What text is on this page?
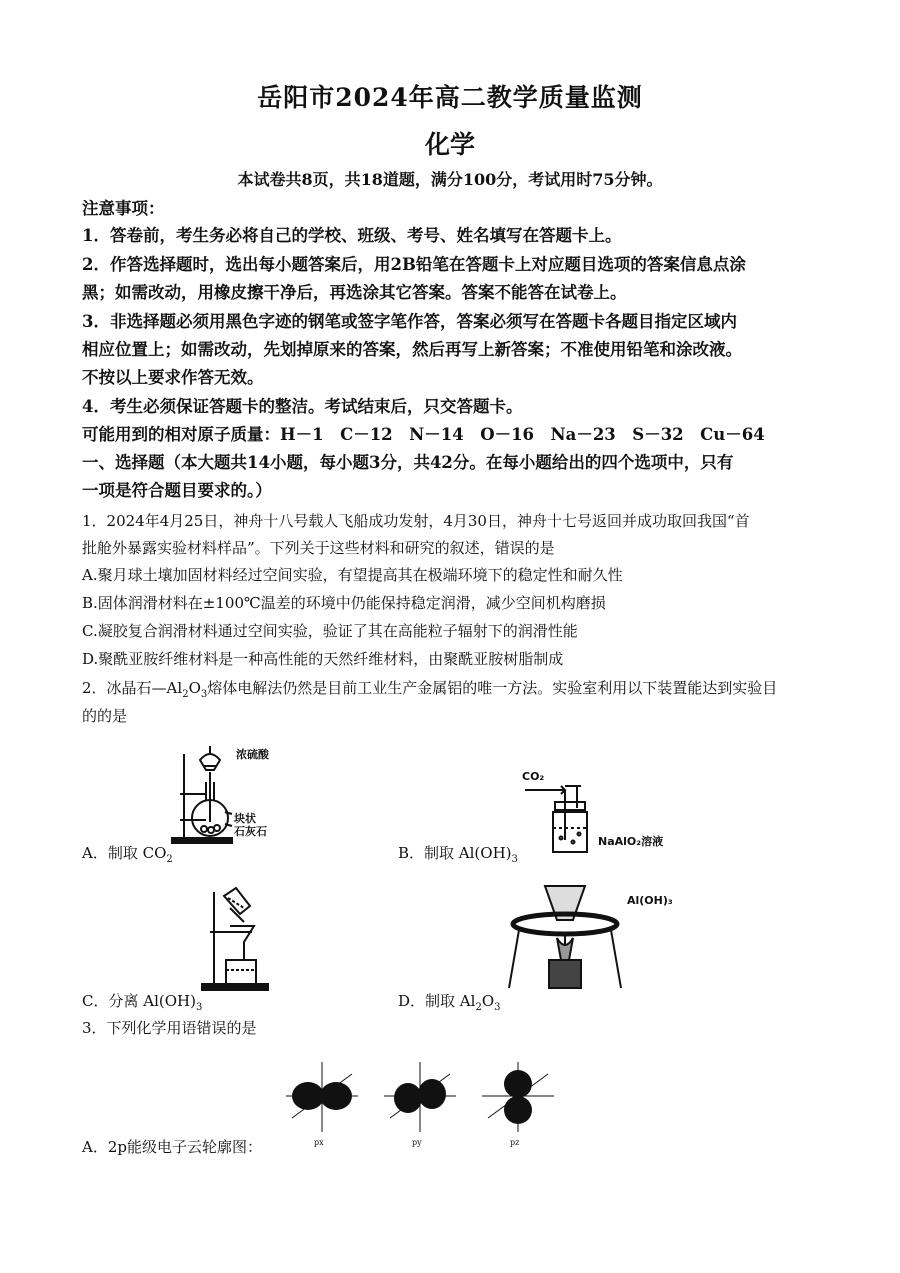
岳阳市2024年高二教学质量监测
化学
本试卷共8页，共18道题，满分100分，考试用时75分钟。
注意事项：
1．答卷前，考生务必将自己的学校、班级、考号、姓名填写在答题卡上。
2．作答选择题时，选出每小题答案后，用2B铅笔在答题卡上对应题目选项的答案信息点涂
黑；如需改动，用橡皮擦干净后，再选涂其它答案。答案不能答在试卷上。
3．非选择题必须用黑色字迹的钢笔或签字笔作答，答案必须写在答题卡各题目指定区域内
相应位置上；如需改动，先划掉原来的答案，然后再写上新答案；不准使用铅笔和涂改液。
不按以上要求作答无效。
4．考生必须保证答题卡的整洁。考试结束后，只交答题卡。
可能用到的相对原子质量：H－1　C－12　N－14　O－16　Na－23　S－32　Cu－64
一、选择题（本大题共14小题，每小题3分，共42分。在每小题给出的四个选项中，只有
一项是符合题目要求的。）
1．2024年4月25日，神舟十八号载人飞船成功发射，4月30日，神舟十七号返回并成功取回我国“首
批舱外暴露实验材料样品”。下列关于这些材料和研究的叙述，错误的是
A.聚月球土壤加固材料经过空间实验，有望提高其在极端环境下的稳定性和耐久性
B.固体润滑材料在±100℃温差的环境中仍能保持稳定润滑，减少空间机构磨损
C.凝胶复合润滑材料通过空间实验，验证了其在高能粒子辐射下的润滑性能
D.聚酰亚胺纤维材料是一种高性能的天然纤维材料，由聚酰亚胺树脂制成
2．冰晶石$—Al_2O_3$熔体电解法仍然是目前工业生产金属铝的唯一方法。实验室利用以下装置能达到实验目
的的是
浓硫酸
块状
石灰石
CO₂
NaAlO₂溶液
A．制取 $CO_2$	B．制取 $Al(OH)_3$
Al(OH)₃
C．分离 $Al(OH)_3$	D．制取 $Al_2O_3$
3．下列化学用语错误的是
px	py	pz
A．2p能级电子云轮廓图：
